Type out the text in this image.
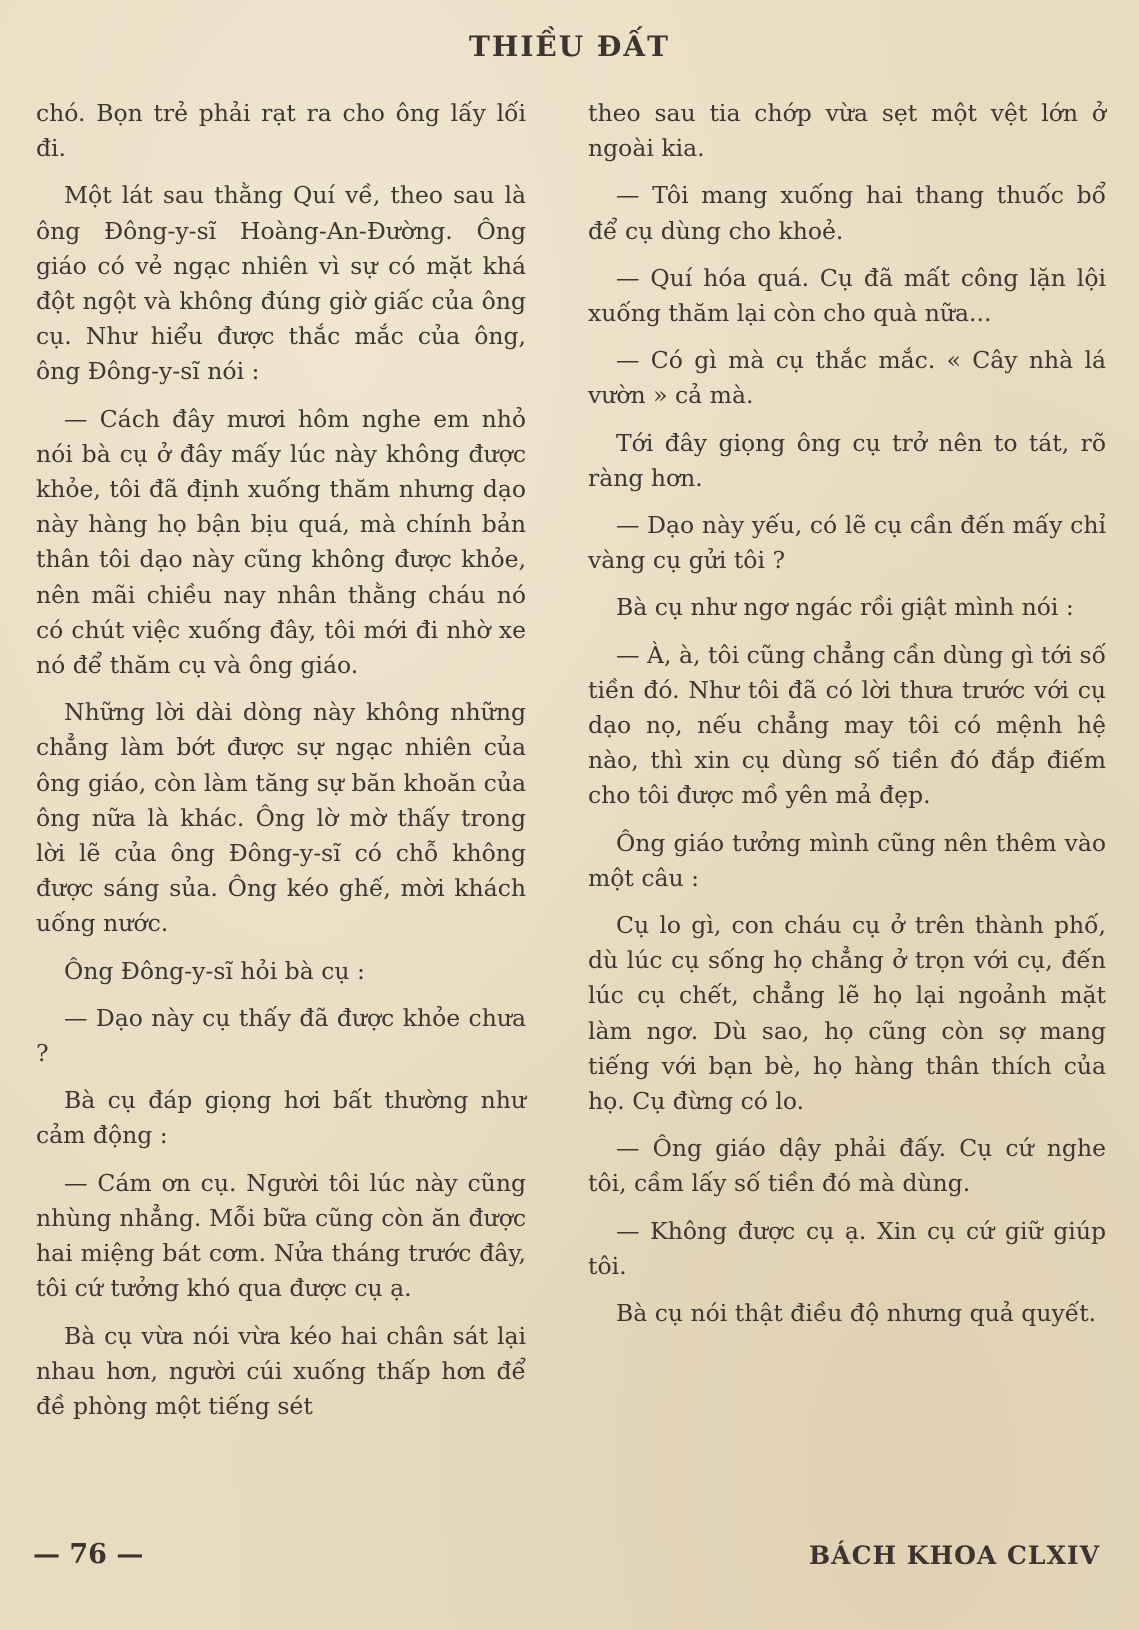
THIỀU ĐẤT

chó. Bọn trẻ phải rạt ra cho ông lấy lối đi.

Một lát sau thằng Quí về, theo sau là ông Đông-y-sĩ Hoàng-An-Đường. Ông giáo có vẻ ngạc nhiên vì sự có mặt khá đột ngột và không đúng giờ giấc của ông cụ. Như hiểu được thắc mắc của ông, ông Đông-y-sĩ nói :

— Cách đây mươi hôm nghe em nhỏ nói bà cụ ở đây mấy lúc này không được khỏe, tôi đã định xuống thăm nhưng dạo này hàng họ bận bịu quá, mà chính bản thân tôi dạo này cũng không được khỏe, nên mãi chiều nay nhân thằng cháu nó có chút việc xuống đây, tôi mới đi nhờ xe nó để thăm cụ và ông giáo.

Những lời dài dòng này không những chẳng làm bớt được sự ngạc nhiên của ông giáo, còn làm tăng sự băn khoăn của ông nữa là khác. Ông lờ mờ thấy trong lời lẽ của ông Đông-y-sĩ có chỗ không được sáng sủa. Ông kéo ghế, mời khách uống nước.

Ông Đông-y-sĩ hỏi bà cụ :

— Dạo này cụ thấy đã được khỏe chưa ?

Bà cụ đáp giọng hơi bất thường như cảm động :

— Cám ơn cụ. Người tôi lúc này cũng nhùng nhẳng. Mỗi bữa cũng còn ăn được hai miệng bát cơm. Nửa tháng trước đây, tôi cứ tưởng khó qua được cụ ạ.

Bà cụ vừa nói vừa kéo hai chân sát lại nhau hơn, người cúi xuống thấp hơn để đề phòng một tiếng sét

theo sau tia chớp vừa sẹt một vệt lớn ở ngoài kia.

— Tôi mang xuống hai thang thuốc bổ để cụ dùng cho khoẻ.

— Quí hóa quá. Cụ đã mất công lặn lội xuống thăm lại còn cho quà nữa...

— Có gì mà cụ thắc mắc. « Cây nhà lá vườn » cả mà.

Tới đây giọng ông cụ trở nên to tát, rõ ràng hơn.

— Dạo này yếu, có lẽ cụ cần đến mấy chỉ vàng cụ gửi tôi ?

Bà cụ như ngơ ngác rồi giật mình nói :

— À, à, tôi cũng chẳng cần dùng gì tới số tiền đó. Như tôi đã có lời thưa trước với cụ dạo nọ, nếu chẳng may tôi có mệnh hệ nào, thì xin cụ dùng số tiền đó đắp điếm cho tôi được mồ yên mả đẹp.

Ông giáo tưởng mình cũng nên thêm vào một câu :

Cụ lo gì, con cháu cụ ở trên thành phố, dù lúc cụ sống họ chẳng ở trọn với cụ, đến lúc cụ chết, chẳng lẽ họ lại ngoảnh mặt làm ngơ. Dù sao, họ cũng còn sợ mang tiếng với bạn bè, họ hàng thân thích của họ. Cụ đừng có lo.

— Ông giáo dậy phải đấy. Cụ cứ nghe tôi, cầm lấy số tiền đó mà dùng.

— Không được cụ ạ. Xin cụ cứ giữ giúp tôi.

Bà cụ nói thật điều độ nhưng quả quyết.

— 76 —	BÁCH KHOA CLXIV
